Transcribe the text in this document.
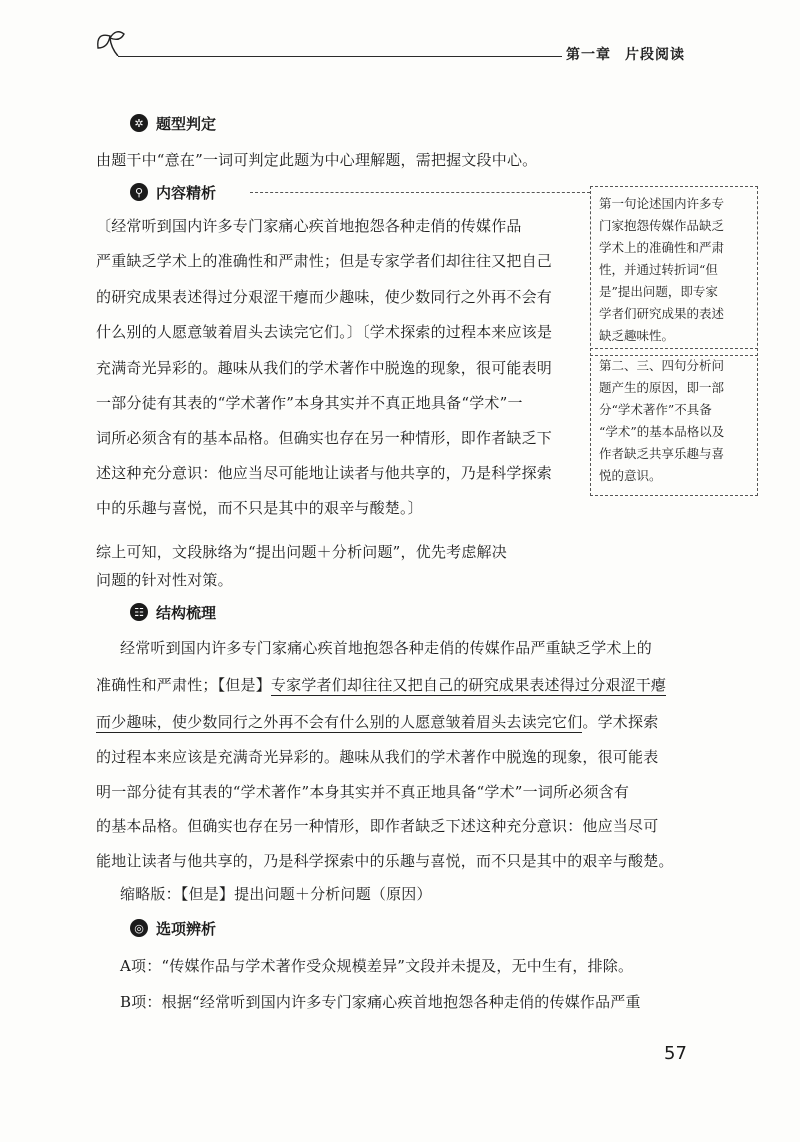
第一章 片段阅读
✲ 题型判定
由题干中“意在”一词可判定此题为中心理解题，需把握文段中心。
⚲ 内容精析
〔经常听到国内许多专门家痛心疾首地抱怨各种走俏的传媒作品
严重缺乏学术上的准确性和严肃性；但是专家学者们却往往又把自己
的研究成果表述得过分艰涩干瘪而少趣味，使少数同行之外再不会有
什么别的人愿意皱着眉头去读完它们。〕〔学术探索的过程本来应该是
充满奇光异彩的。趣味从我们的学术著作中脱逸的现象，很可能表明
一部分徒有其表的“学术著作”本身其实并不真正地具备“学术”一
词所必须含有的基本品格。但确实也存在另一种情形，即作者缺乏下
述这种充分意识：他应当尽可能地让读者与他共享的，乃是科学探索
中的乐趣与喜悦，而不只是其中的艰辛与酸楚。〕
第一句论述国内许多专
门家抱怨传媒作品缺乏
学术上的准确性和严肃
性，并通过转折词“但
是”提出问题，即专家
学者们研究成果的表述
缺乏趣味性。
第二、三、四句分析问
题产生的原因，即一部
分“学术著作”不具备
“学术”的基本品格以及
作者缺乏共享乐趣与喜
悦的意识。
综上可知，文段脉络为“提出问题＋分析问题”，优先考虑解决
问题的针对性对策。
☷ 结构梳理
经常听到国内许多专门家痛心疾首地抱怨各种走俏的传媒作品严重缺乏学术上的
准确性和严肃性；【但是】专家学者们却往往又把自己的研究成果表述得过分艰涩干瘪
而少趣味，使少数同行之外再不会有什么别的人愿意皱着眉头去读完它们。学术探索
的过程本来应该是充满奇光异彩的。趣味从我们的学术著作中脱逸的现象，很可能表
明一部分徒有其表的“学术著作”本身其实并不真正地具备“学术”一词所必须含有
的基本品格。但确实也存在另一种情形，即作者缺乏下述这种充分意识：他应当尽可
能地让读者与他共享的，乃是科学探索中的乐趣与喜悦，而不只是其中的艰辛与酸楚。
缩略版：【但是】提出问题＋分析问题（原因）
◎ 选项辨析
A项：“传媒作品与学术著作受众规模差异”文段并未提及，无中生有，排除。
B项：根据“经常听到国内许多专门家痛心疾首地抱怨各种走俏的传媒作品严重
57
